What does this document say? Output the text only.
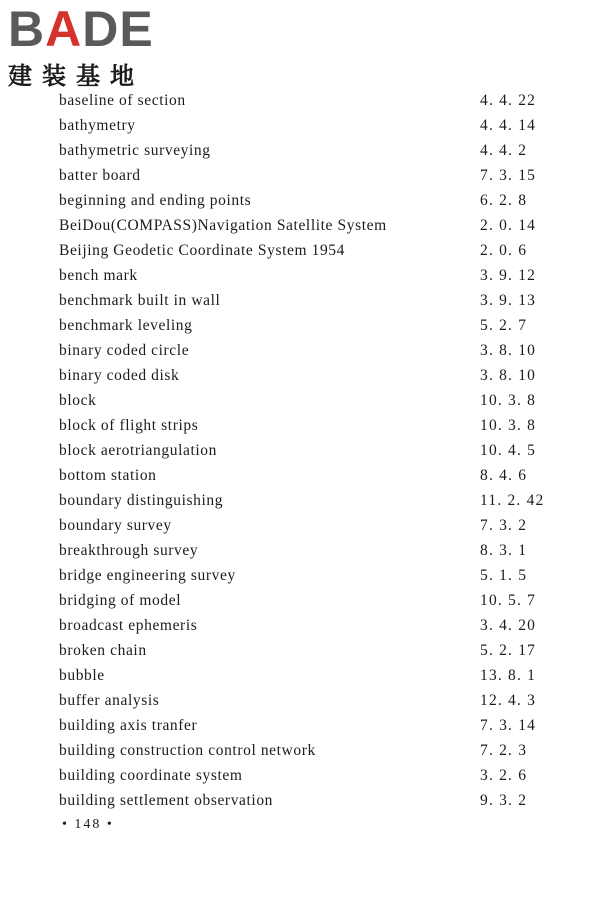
BADE
建装基地
baseline of section	4. 4. 22
bathymetry	4. 4. 14
bathymetric surveying	4. 4. 2
batter board	7. 3. 15
beginning and ending points	6. 2. 8
BeiDou(COMPASS)Navigation Satellite System	2. 0. 14
Beijing Geodetic Coordinate System 1954	2. 0. 6
bench mark	3. 9. 12
benchmark built in wall	3. 9. 13
benchmark leveling	5. 2. 7
binary coded circle	3. 8. 10
binary coded disk	3. 8. 10
block	10. 3. 8
block of flight strips	10. 3. 8
block aerotriangulation	10. 4. 5
bottom station	8. 4. 6
boundary distinguishing	11. 2. 42
boundary survey	7. 3. 2
breakthrough survey	8. 3. 1
bridge engineering survey	5. 1. 5
bridging of model	10. 5. 7
broadcast ephemeris	3. 4. 20
broken chain	5. 2. 17
bubble	13. 8. 1
buffer analysis	12. 4. 3
building axis tranfer	7. 3. 14
building construction control network	7. 2. 3
building coordinate system	3. 2. 6
building settlement observation	9. 3. 2
• 148 •
